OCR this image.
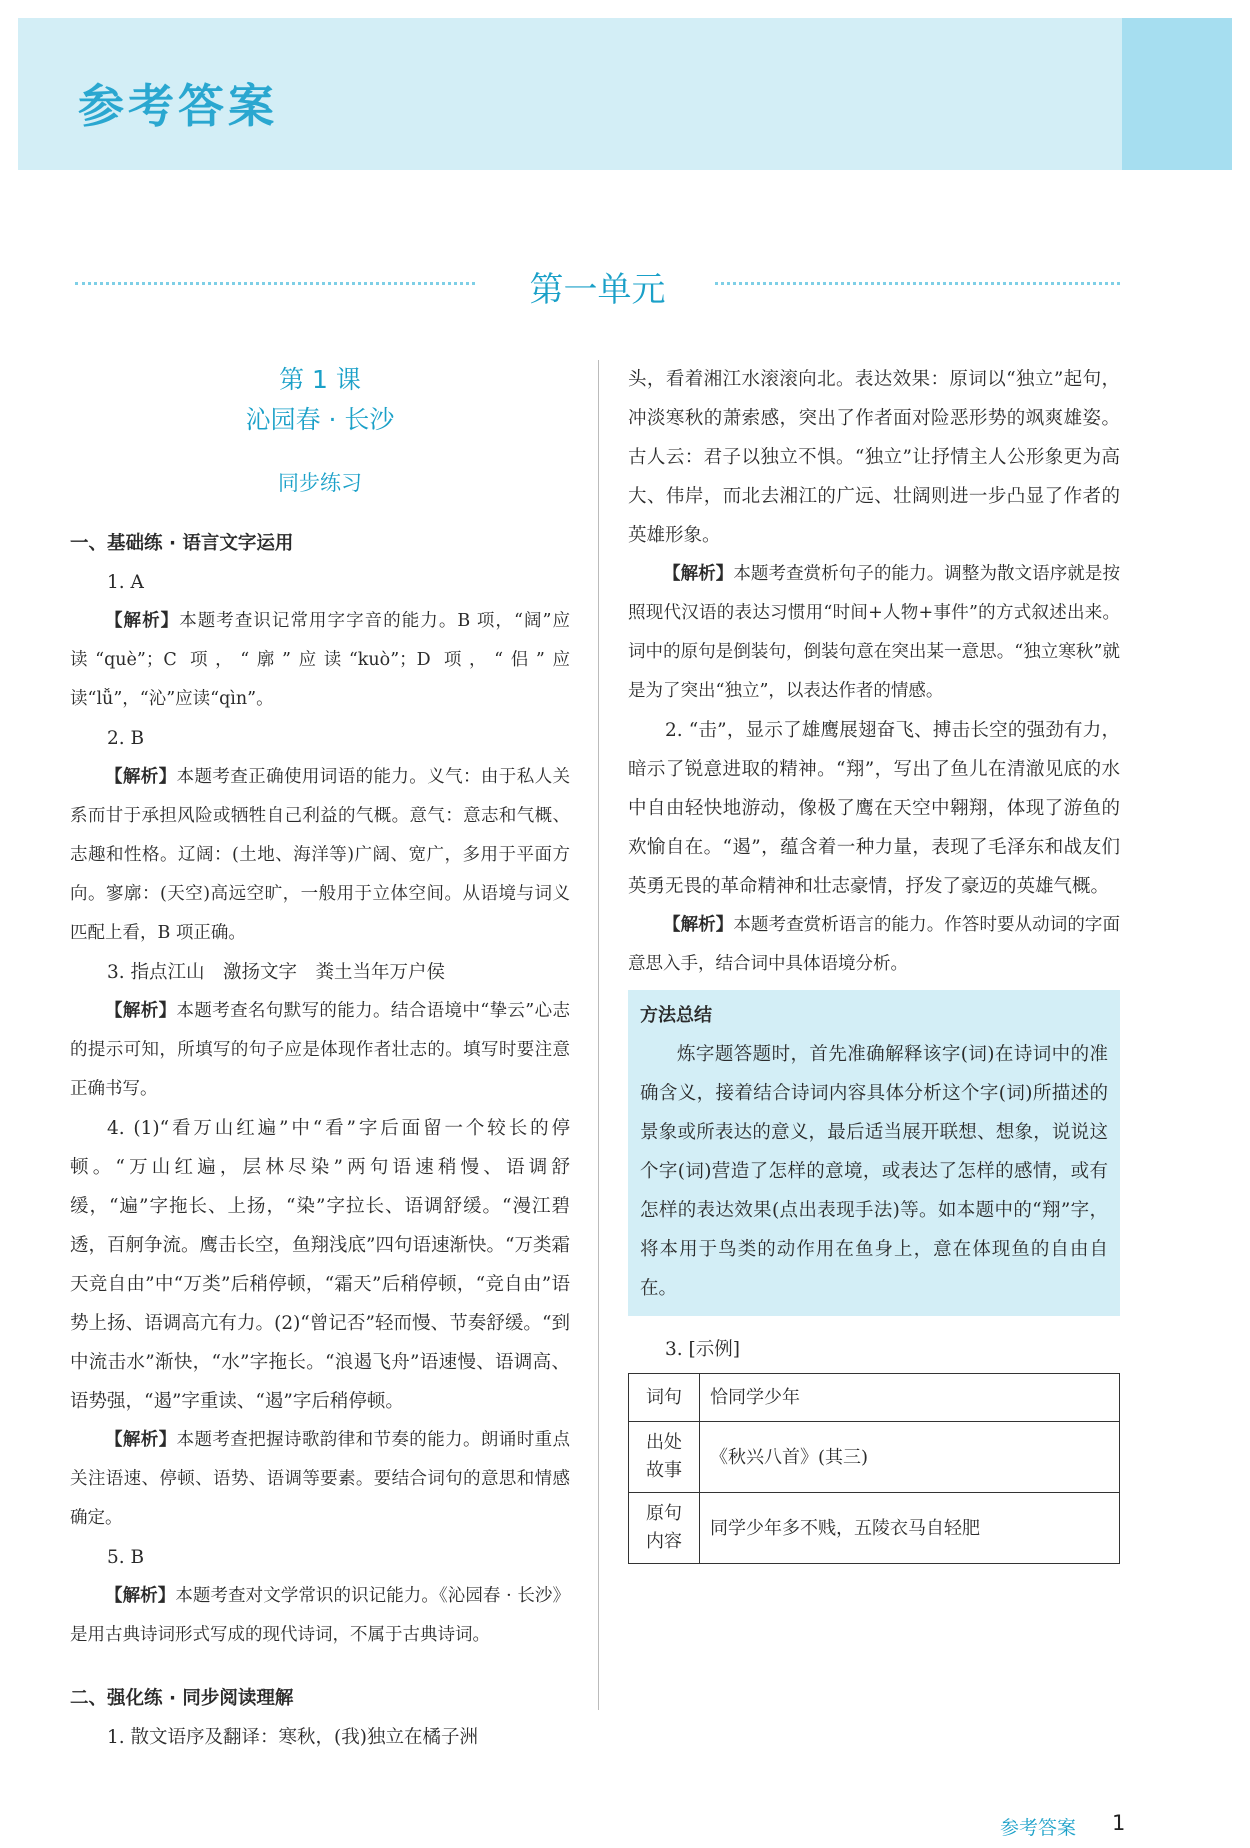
参考答案
第一单元
第 1 课
沁园春 · 长沙
同步练习

一、基础练 · 语言文字运用

1. A

【解析】本题考查识记常用字字音的能力。B 项，“阔”应读“què”；C 项，“廓”应读“kuò”；D 项，“侣”应读“lǚ”，“沁”应读“qìn”。

2. B

【解析】本题考查正确使用词语的能力。义气：由于私人关系而甘于承担风险或牺牲自己利益的气概。意气：意志和气概、志趣和性格。辽阔：(土地、海洋等)广阔、宽广，多用于平面方向。寥廓：(天空)高远空旷，一般用于立体空间。从语境与词义匹配上看，B 项正确。

3. 指点江山　激扬文字　粪土当年万户侯

【解析】本题考查名句默写的能力。结合语境中“挚云”心志的提示可知，所填写的句子应是体现作者壮志的。填写时要注意正确书写。

4. (1)“看万山红遍”中“看”字后面留一个较长的停顿。“万山红遍，层林尽染”两句语速稍慢、语调舒缓，“遍”字拖长、上扬，“染”字拉长、语调舒缓。“漫江碧透，百舸争流。鹰击长空，鱼翔浅底”四句语速渐快。“万类霜天竞自由”中“万类”后稍停顿，“霜天”后稍停顿，“竞自由”语势上扬、语调高亢有力。(2)“曾记否”轻而慢、节奏舒缓。“到中流击水”渐快，“水”字拖长。“浪遏飞舟”语速慢、语调高、语势强，“遏”字重读、“遏”字后稍停顿。

【解析】本题考查把握诗歌韵律和节奏的能力。朗诵时重点关注语速、停顿、语势、语调等要素。要结合词句的意思和情感确定。

5. B

【解析】本题考查对文学常识的识记能力。《沁园春 · 长沙》是用古典诗词形式写成的现代诗词，不属于古典诗词。

二、强化练 · 同步阅读理解

1. 散文语序及翻译：寒秋，(我)独立在橘子洲

头，看着湘江水滚滚向北。表达效果：原词以“独立”起句，冲淡寒秋的萧索感，突出了作者面对险恶形势的飒爽雄姿。古人云：君子以独立不惧。“独立”让抒情主人公形象更为高大、伟岸，而北去湘江的广远、壮阔则进一步凸显了作者的英雄形象。

【解析】本题考查赏析句子的能力。调整为散文语序就是按照现代汉语的表达习惯用“时间+人物+事件”的方式叙述出来。词中的原句是倒装句，倒装句意在突出某一意思。“独立寒秋”就是为了突出“独立”，以表达作者的情感。

2. “击”，显示了雄鹰展翅奋飞、搏击长空的强劲有力，暗示了锐意进取的精神。“翔”，写出了鱼儿在清澈见底的水中自由轻快地游动，像极了鹰在天空中翱翔，体现了游鱼的欢愉自在。“遏”，蕴含着一种力量，表现了毛泽东和战友们英勇无畏的革命精神和壮志豪情，抒发了豪迈的英雄气概。

【解析】本题考查赏析语言的能力。作答时要从动词的字面意思入手，结合词中具体语境分析。

方法总结

炼字题答题时，首先准确解释该字(词)在诗词中的准确含义，接着结合诗词内容具体分析这个字(词)所描述的景象或所表达的意义，最后适当展开联想、想象，说说这个字(词)营造了怎样的意境，或表达了怎样的感情，或有怎样的表达效果(点出表现手法)等。如本题中的“翔”字，将本用于鸟类的动作用在鱼身上，意在体现鱼的自由自在。

3. [示例]

词句	恰同学少年
出处
故事	《秋兴八首》(其三)
原句
内容	同学少年多不贱，五陵衣马自轻肥
参考答案 1
